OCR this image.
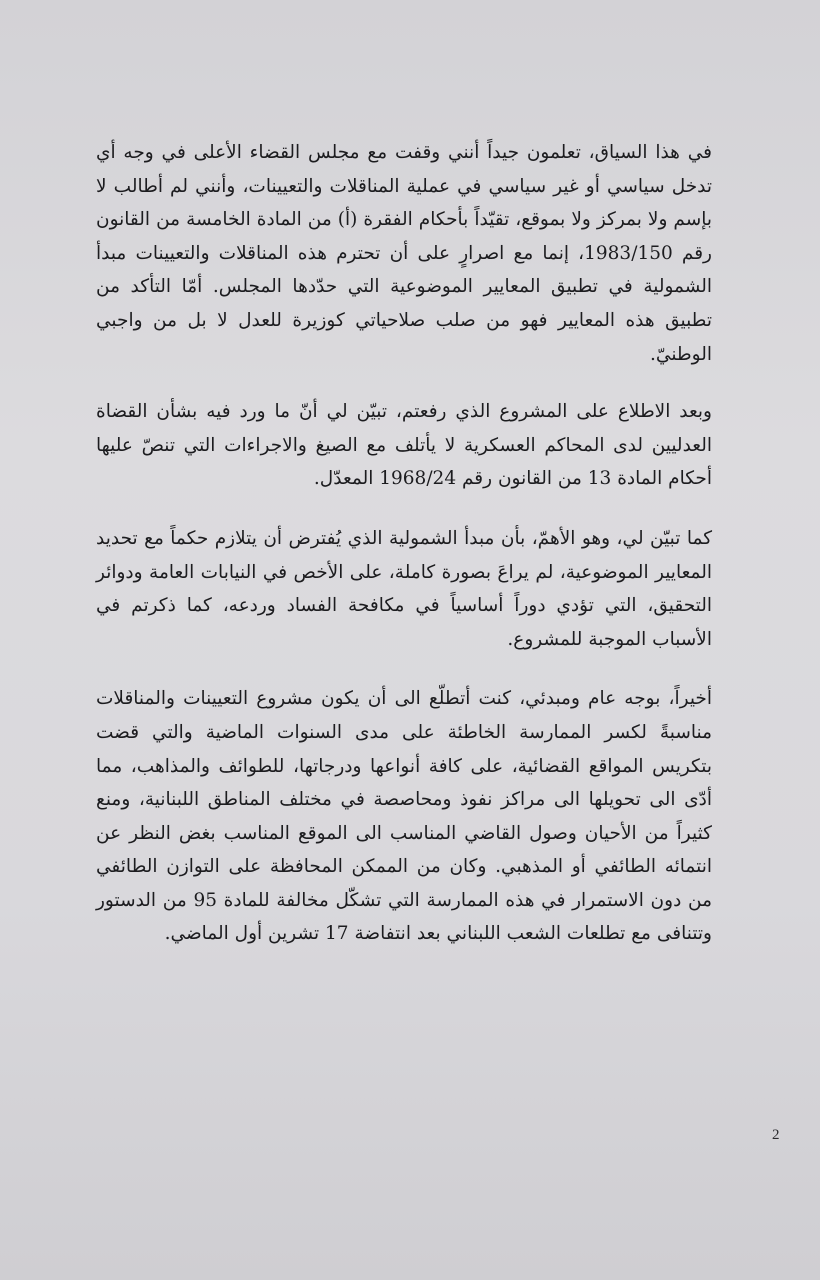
في هذا السياق، تعلمون جيداً أنني وقفت مع مجلس القضاء الأعلى في وجه أي تدخل سياسي أو غير سياسي في عملية المناقلات والتعيينات، وأنني لم أطالب لا بإسم ولا بمركز ولا بموقع، تقيّداً بأحكام الفقرة (أ) من المادة الخامسة من القانون رقم 1983/150، إنما مع اصرارٍ على أن تحترم هذه المناقلات والتعيينات مبدأ الشمولية في تطبيق المعايير الموضوعية التي حدّدها المجلس. أمّا التأكد من تطبيق هذه المعايير فهو من صلب صلاحياتي كوزيرة للعدل لا بل من واجبي الوطنيّ.

وبعد الاطلاع على المشروع الذي رفعتم، تبيّن لي أنّ ما ورد فيه بشأن القضاة العدليين لدى المحاكم العسكرية لا يأتلف مع الصيغ والاجراءات التي تنصّ عليها أحكام المادة 13 من القانون رقم 1968/24 المعدّل.

كما تبيّن لي، وهو الأهمّ، بأن مبدأ الشمولية الذي يُفترض أن يتلازم حكماً مع تحديد المعايير الموضوعية، لم يراعَ بصورة كاملة، على الأخص في النيابات العامة ودوائر التحقيق، التي تؤدي دوراً أساسياً في مكافحة الفساد وردعه، كما ذكرتم في الأسباب الموجبة للمشروع.

أخيراً، بوجه عام ومبدئي، كنت أتطلّع الى أن يكون مشروع التعيينات والمناقلات مناسبةً لكسر الممارسة الخاطئة على مدى السنوات الماضية والتي قضت بتكريس المواقع القضائية، على كافة أنواعها ودرجاتها، للطوائف والمذاهب، مما أدّى الى تحويلها الى مراكز نفوذ ومحاصصة في مختلف المناطق اللبنانية، ومنع كثيراً من الأحيان وصول القاضي المناسب الى الموقع المناسب بغض النظر عن انتمائه الطائفي أو المذهبي. وكان من الممكن المحافظة على التوازن الطائفي من دون الاستمرار في هذه الممارسة التي تشكّل مخالفة للمادة 95 من الدستور وتتنافى مع تطلعات الشعب اللبناني بعد انتفاضة 17 تشرين أول الماضي.

2
